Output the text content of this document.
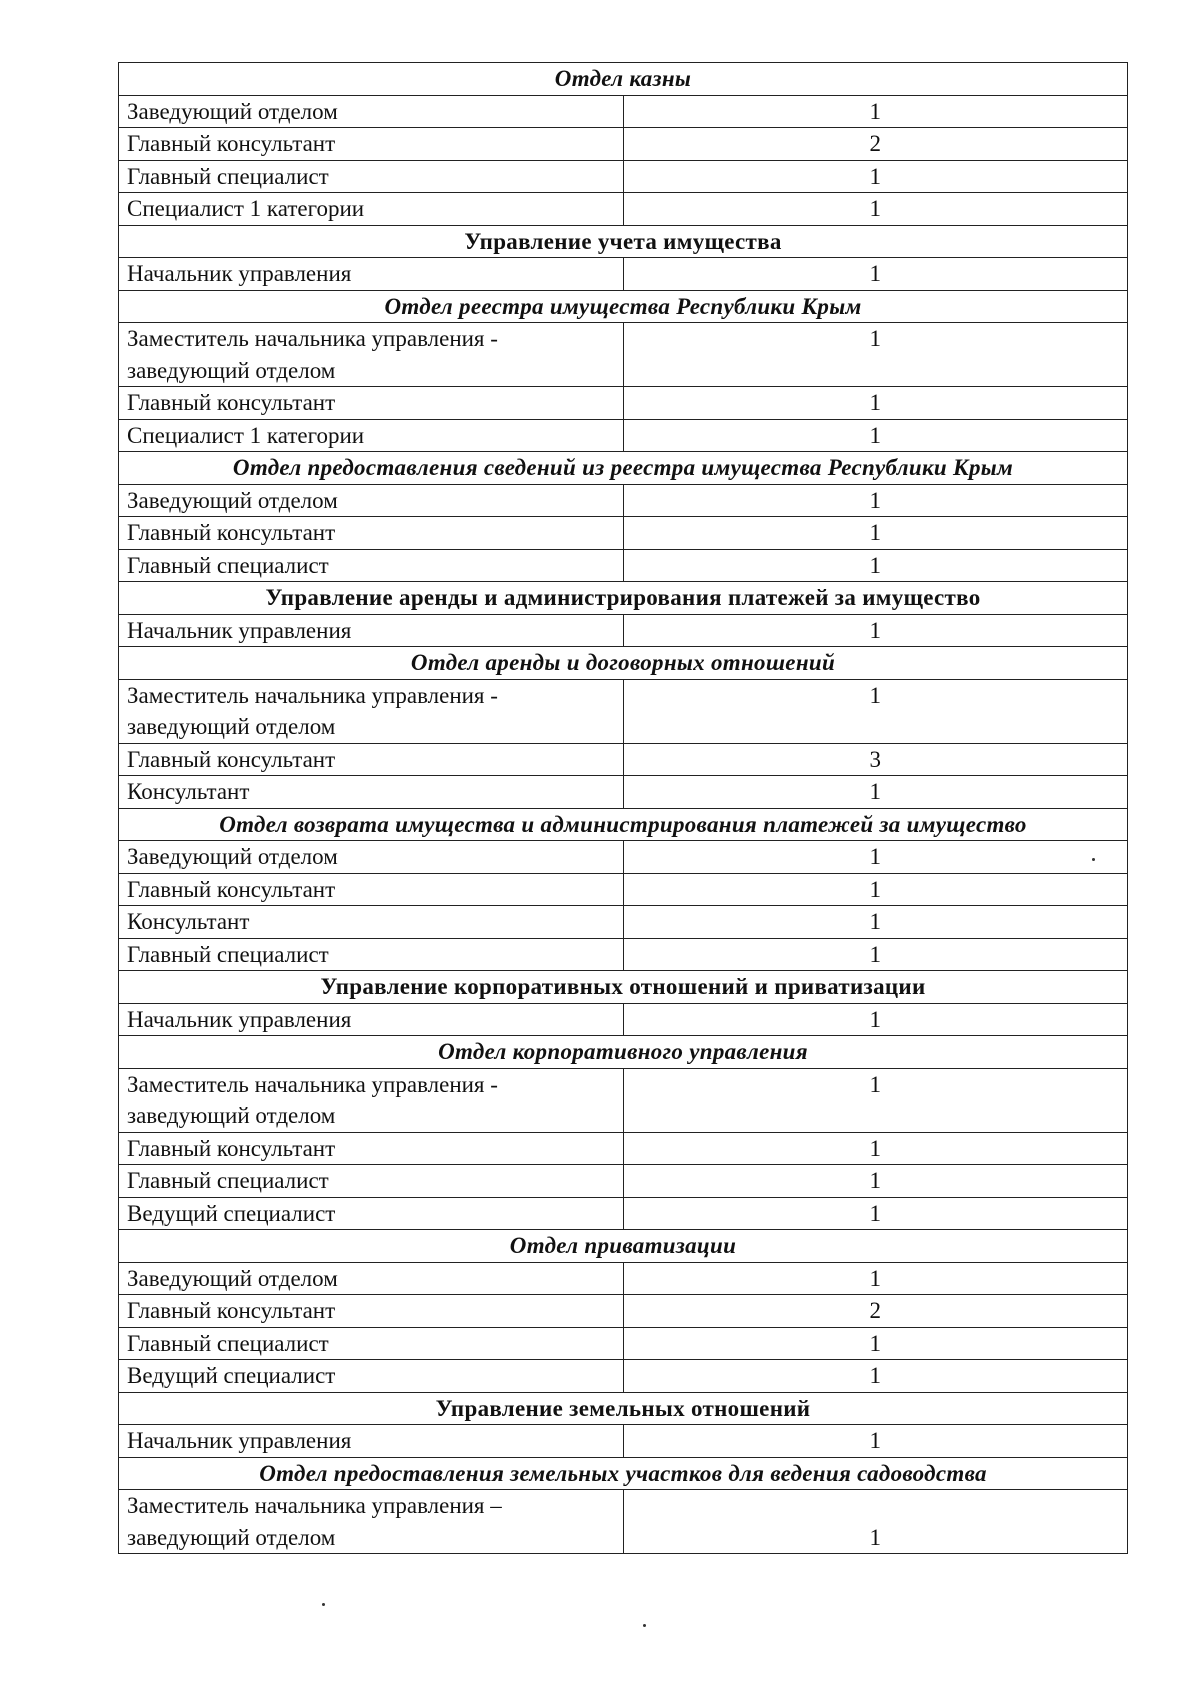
Отдел казны	
Заведующий отделом	1
Главный консультант	2
Главный специалист	1
Специалист 1 категории	1
Управление учета имущества	
Начальник управления	1
Отдел реестра имущества Республики Крым	
Заместитель начальника управления - заведующий отделом	1
Главный консультант	1
Специалист 1 категории	1
Отдел предоставления сведений из реестра имущества Республики Крым	
Заведующий отделом	1
Главный консультант	1
Главный специалист	1
Управление аренды и администрирования платежей за имущество	
Начальник управления	1
Отдел аренды и договорных отношений	
Заместитель начальника управления - заведующий отделом	1
Главный консультант	3
Консультант	1
Отдел возврата имущества и администрирования платежей за имущество	
Заведующий отделом	1
Главный консультант	1
Консультант	1
Главный специалист	1
Управление корпоративных отношений и приватизации	
Начальник управления	1
Отдел корпоративного управления	
Заместитель начальника управления - заведующий отделом	1
Главный консультант	1
Главный специалист	1
Ведущий специалист	1
Отдел приватизации	
Заведующий отделом	1
Главный консультант	2
Главный специалист	1
Ведущий специалист	1
Управление земельных отношений	
Начальник управления	1
Отдел предоставления земельных участков для ведения садоводства	
Заместитель начальника управления – заведующий отделом	1
